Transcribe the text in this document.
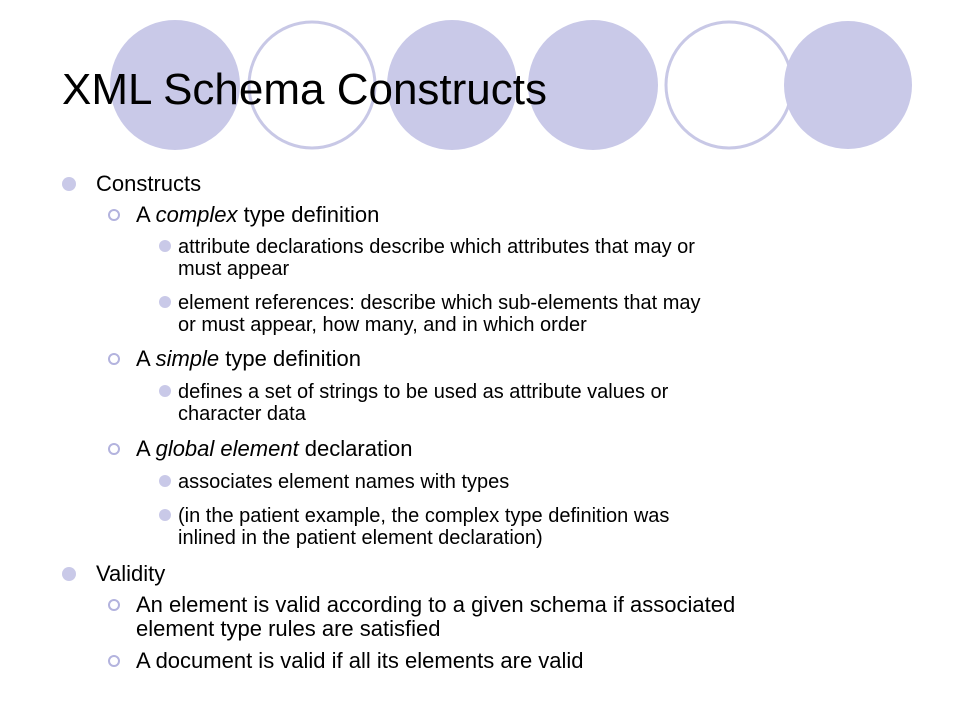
XML Schema Constructs
Constructs
A complex type definition
attribute declarations describe which attributes that may or
must appear
element references: describe which sub-elements that may
or must appear, how many, and in which order
A simple type definition
defines a set of strings to be used as attribute values or
character data
A global element declaration
associates element names with types
(in the patient example, the complex type definition was
inlined in the patient element declaration)
Validity
An element is valid according to a given schema if associated
element type rules are satisfied
A document is valid if all its elements are valid
